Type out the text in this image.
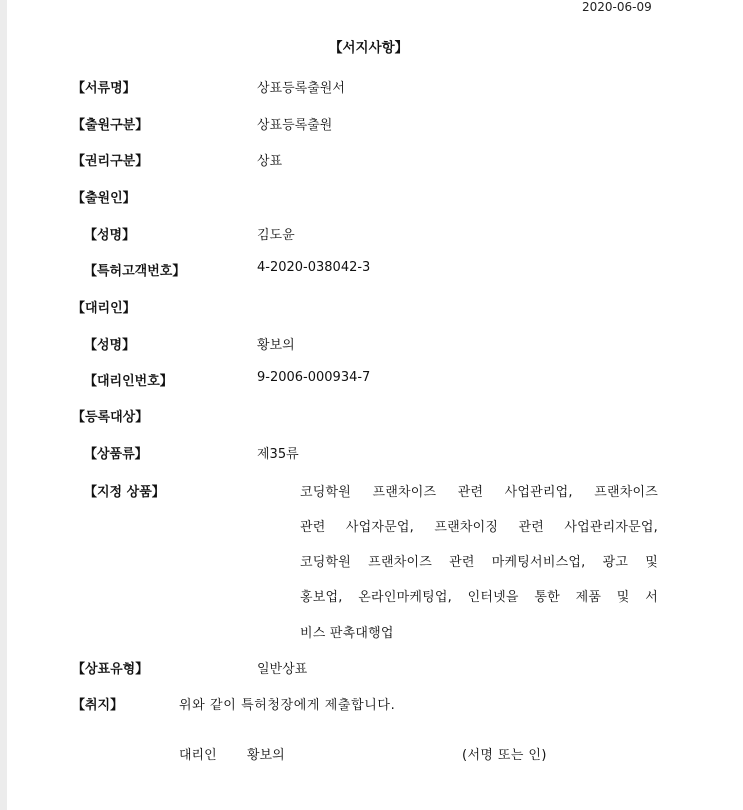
2020-06-09
【서지사항】
【서류명】	상표등록출원서
【출원구분】	상표등록출원
【권리구분】	상표
【출원인】
【성명】	김도윤
【특허고객번호】	4-2020-038042-3
【대리인】
【성명】	황보의
【대리인번호】	9-2006-000934-7
【등록대상】
【상품류】	제35류
【지정 상품】	코딩학원 프랜차이즈 관련 사업관리업, 프랜차이즈
관련 사업자문업, 프랜차이징 관련 사업관리자문업,
코딩학원 프랜차이즈 관련 마케팅서비스업, 광고 및
홍보업, 온라인마케팅업, 인터넷을 통한 제품 및 서
비스 판촉대행업
【상표유형】	일반상표
【취지】	위와 같이 특허청장에게 제출합니다.
대리인 황보의	(서명 또는 인)
